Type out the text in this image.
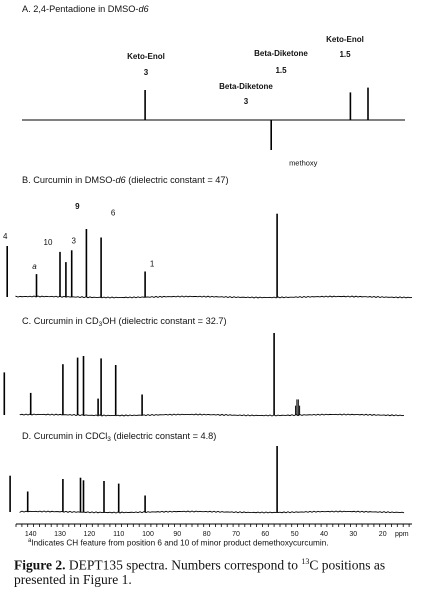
A. 2,4-Pentadione in DMSO-d6
Keto-Enol
3
Beta-Diketone
3
Beta-Diketone
1.5
Keto-Enol
1.5
B. Curcumin in DMSO-d6 (dielectric constant = 47)
4
a
10 3
9
6
1
methoxy
C. Curcumin in $CD_3OH$ (dielectric constant = 32.7)
D. Curcumin in CDCl$_3$ (dielectric constant = 4.8)
140	130	120	110	100	90	80	70	60	50	40	30	20 ppm
$^a$Indicates CH feature from position 6 and 10 of minor product demethoxycurcumin.
Figure 2. DEPT135 spectra. Numbers correspond to $^{13}$C positions as presented in Figure 1.
